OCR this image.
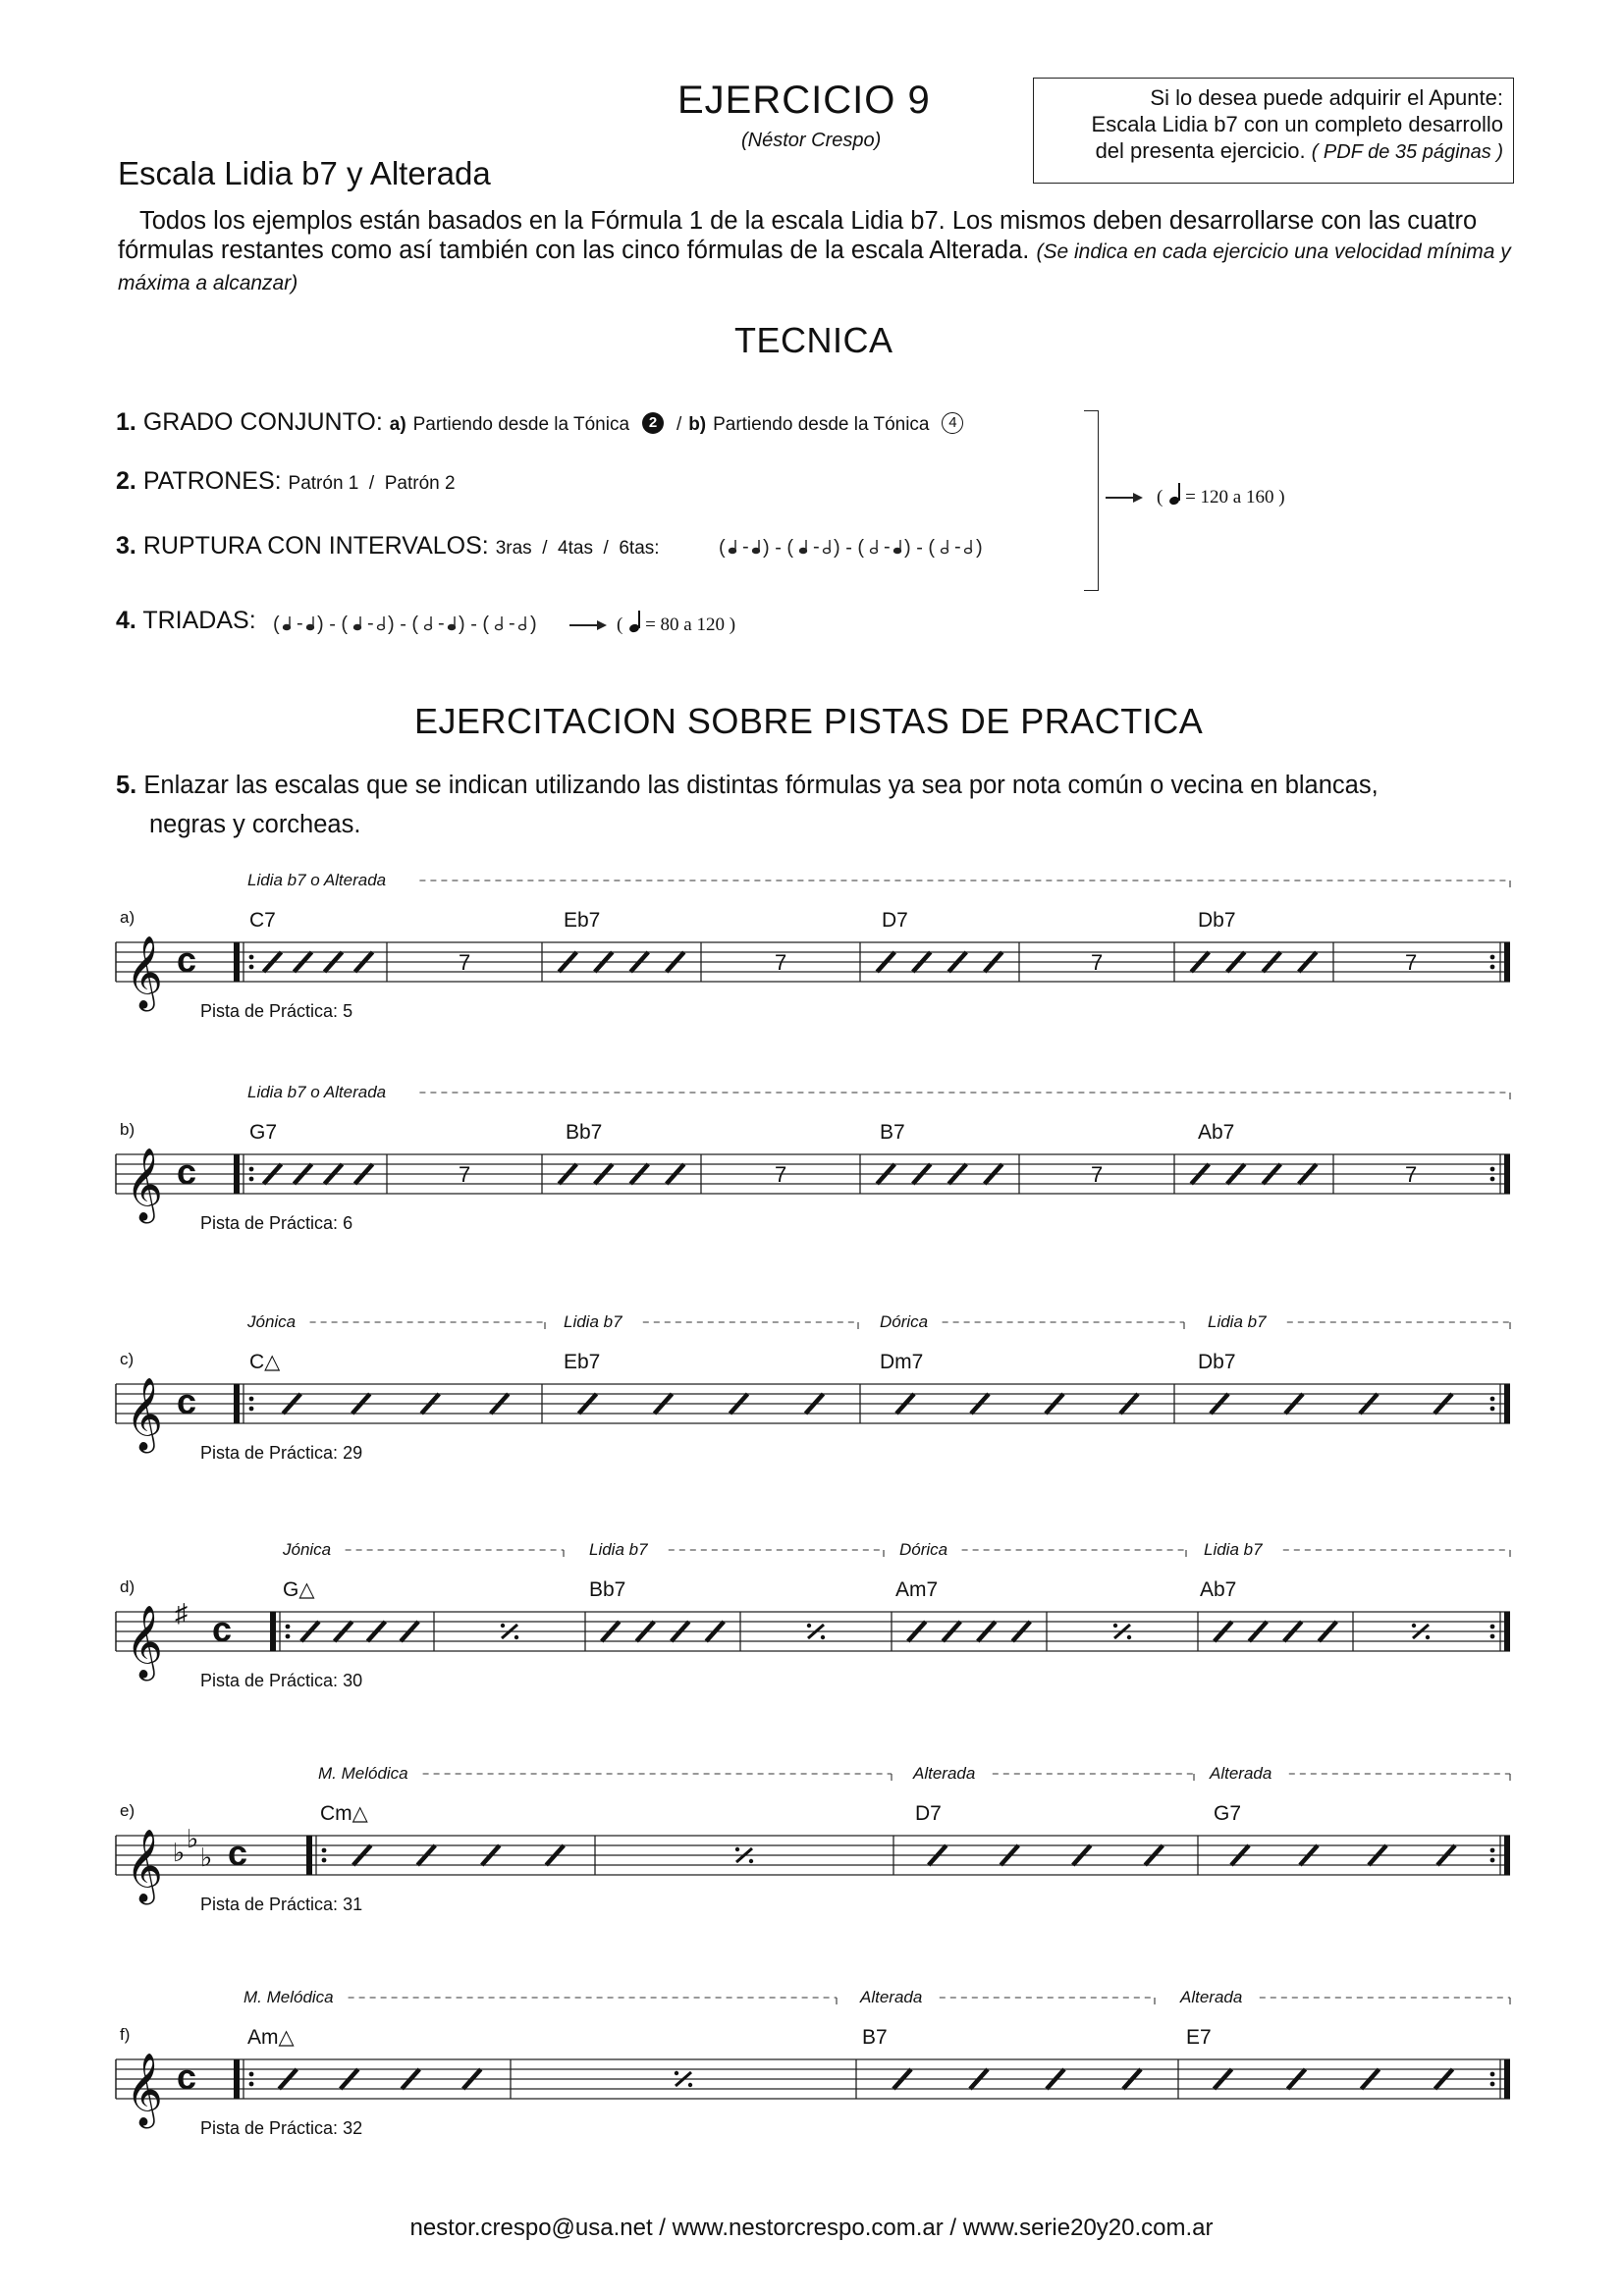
EJERCICIO 9
(Néstor Crespo)
Si lo desea puede adquirir el Apunte:
Escala Lidia b7 con un completo desarrollo
del presenta ejercicio. ( PDF de 35 páginas )
Escala Lidia b7 y Alterada
Todos los ejemplos están basados en la Fórmula 1 de la escala Lidia b7. Los mismos deben desarrollarse con las cuatro fórmulas restantes como así también con las cinco fórmulas de la escala Alterada. (Se indica en cada ejercicio una velocidad mínima y máxima a alcanzar)
TECNICA
1. GRADO CONJUNTO: a) Partiendo desde la Tónica 2 / b) Partiendo desde la Tónica 4
2. PATRONES: Patrón 1  /  Patrón 2
3. RUPTURA CON INTERVALOS: 3ras  /  4tas  /  6tas:	( - ) - ( - ) - ( - ) - ( - )
4. TRIADAS: ( - ) - ( - ) - ( - ) - ( - )
(
= 120 a 160 )
(
= 80 a 120 )
EJERCITACION SOBRE PISTAS DE PRACTICA
5. Enlazar las escalas que se indican utilizando las distintas fórmulas ya sea por nota común o vecina en blancas,
negras y corcheas.
a)
𝄞 c	7	7	7	7
C7	Eb7	D7	Db7
Lidia b7 o Alterada
Pista de Práctica: 5
b)
𝄞 c	7	7	7	7
G7	Bb7	B7	Ab7
Lidia b7 o Alterada
Pista de Práctica: 6
c)
𝄞 c
C△	Eb7	Dm7	Db7
Jónica	Lidia b7	Dórica	Lidia b7
Pista de Práctica: 29
d)
𝄞 ♯ c
G△	Bb7	Am7	Ab7
Jónica	Lidia b7	Dórica	Lidia b7
Pista de Práctica: 30
e)
𝄞 ♭ ♭
♭ c
Cm△	D7	G7
M. Melódica	Alterada	Alterada
Pista de Práctica: 31
f)
𝄞 c
Am△	B7	E7
M. Melódica	Alterada	Alterada
Pista de Práctica: 32
nestor.crespo@usa.net / www.nestorcrespo.com.ar / www.serie20y20.com.ar
